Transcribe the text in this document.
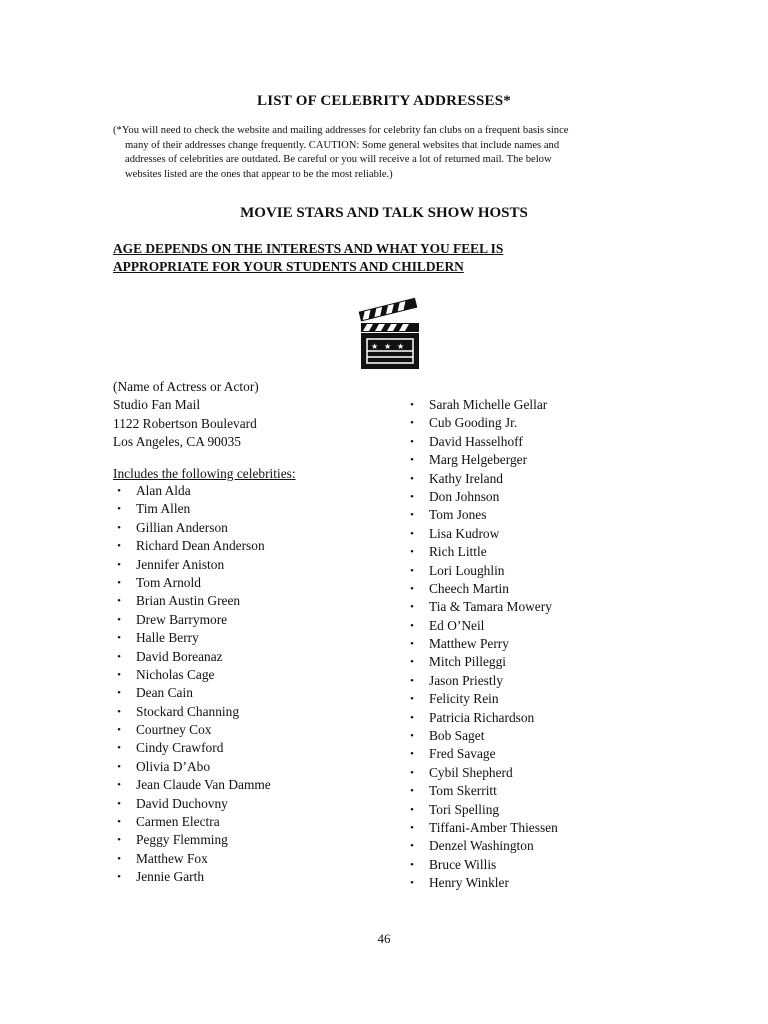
LIST OF CELEBRITY ADDRESSES*
(*You will need to check the website and mailing addresses for celebrity fan clubs on a frequent basis since
many of their addresses change frequently. CAUTION: Some general websites that include names and
addresses of celebrities are outdated. Be careful or you will receive a lot of returned mail. The below
websites listed are the ones that appear to be the most reliable.)
MOVIE STARS AND TALK SHOW HOSTS
AGE DEPENDS ON THE INTERESTS AND WHAT YOU FEEL IS
APPROPRIATE FOR YOUR STUDENTS AND CHILDERN
★ ★ ★
(Name of Actress or Actor)
Studio Fan Mail
1122 Robertson Boulevard
Los Angeles, CA 90035
Includes the following celebrities:
•	Alan Alda
•	Tim Allen
•	Gillian Anderson
•	Richard Dean Anderson
•	Jennifer Aniston
•	Tom Arnold
•	Brian Austin Green
•	Drew Barrymore
•	Halle Berry
•	David Boreanaz
•	Nicholas Cage
•	Dean Cain
•	Stockard Channing
•	Courtney Cox
•	Cindy Crawford
•	Olivia D’Abo
•	Jean Claude Van Damme
•	David Duchovny
•	Carmen Electra
•	Peggy Flemming
•	Matthew Fox
•	Jennie Garth
•	Sarah Michelle Gellar
•	Cub Gooding Jr.
•	David Hasselhoff
•	Marg Helgeberger
•	Kathy Ireland
•	Don Johnson
•	Tom Jones
•	Lisa Kudrow
•	Rich Little
•	Lori Loughlin
•	Cheech Martin
•	Tia & Tamara Mowery
•	Ed O’Neil
•	Matthew Perry
•	Mitch Pilleggi
•	Jason Priestly
•	Felicity Rein
•	Patricia Richardson
•	Bob Saget
•	Fred Savage
•	Cybil Shepherd
•	Tom Skerritt
•	Tori Spelling
•	Tiffani-Amber Thiessen
•	Denzel Washington
•	Bruce Willis
•	Henry Winkler
46
